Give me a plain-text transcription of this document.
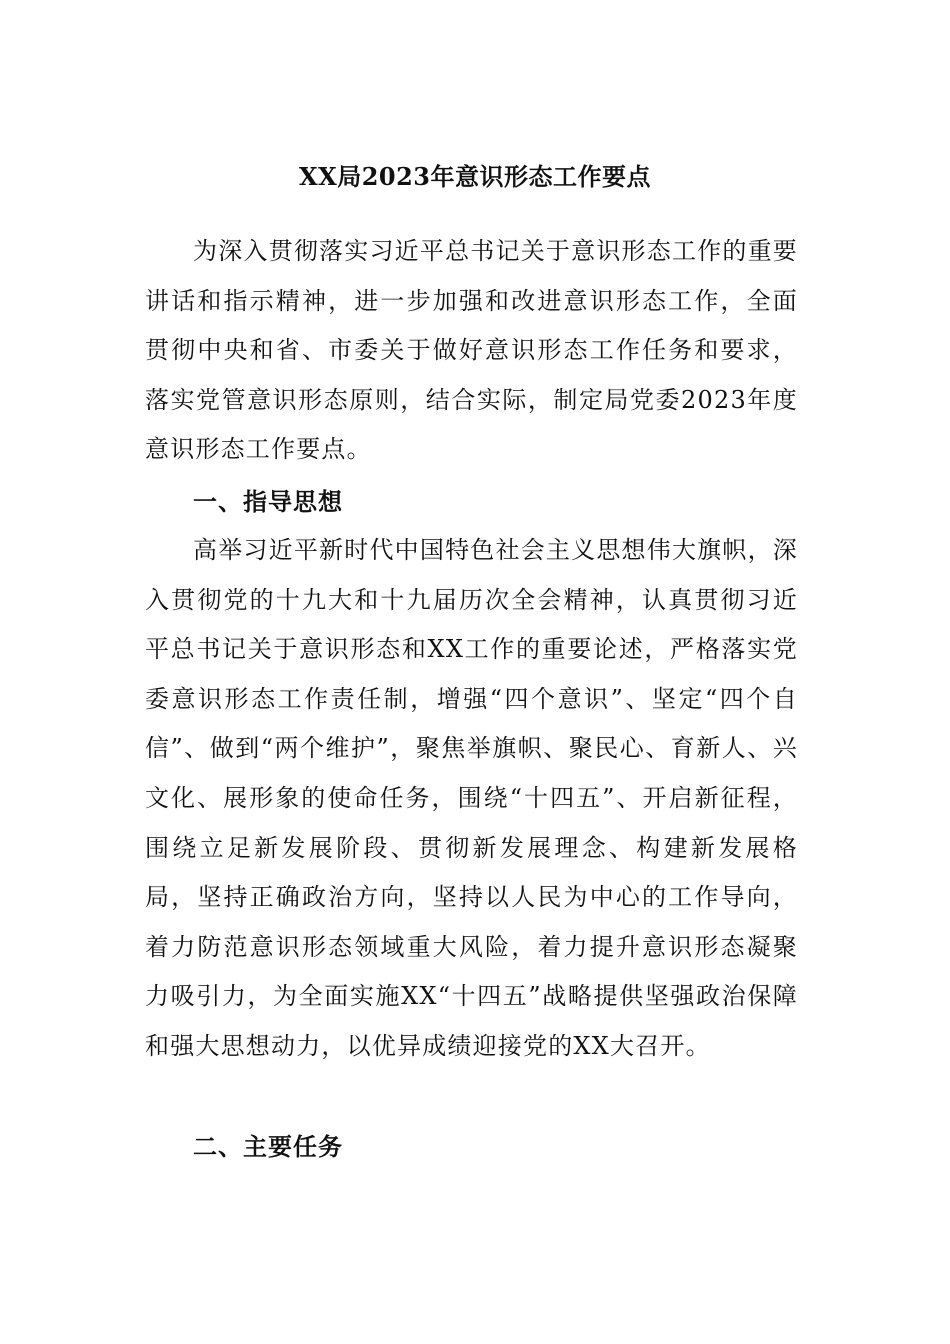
XX局2023年意识形态工作要点

为深入贯彻落实习近平总书记关于意识形态工作的重要讲话和指示精神，进一步加强和改进意识形态工作，全面贯彻中央和省、市委关于做好意识形态工作任务和要求，落实党管意识形态原则，结合实际，制定局党委2023年度意识形态工作要点。

一、指导思想

高举习近平新时代中国特色社会主义思想伟大旗帜，深入贯彻党的十九大和十九届历次全会精神，认真贯彻习近平总书记关于意识形态和XX工作的重要论述，严格落实党委意识形态工作责任制，增强“四个意识”、坚定“四个自信”、做到“两个维护”，聚焦举旗帜、聚民心、育新人、兴文化、展形象的使命任务，围绕“十四五”、开启新征程，围绕立足新发展阶段、贯彻新发展理念、构建新发展格局，坚持正确政治方向，坚持以人民为中心的工作导向，着力防范意识形态领域重大风险，着力提升意识形态凝聚力吸引力，为全面实施XX“十四五”战略提供坚强政治保障和强大思想动力，以优异成绩迎接党的XX大召开。

二、主要任务
